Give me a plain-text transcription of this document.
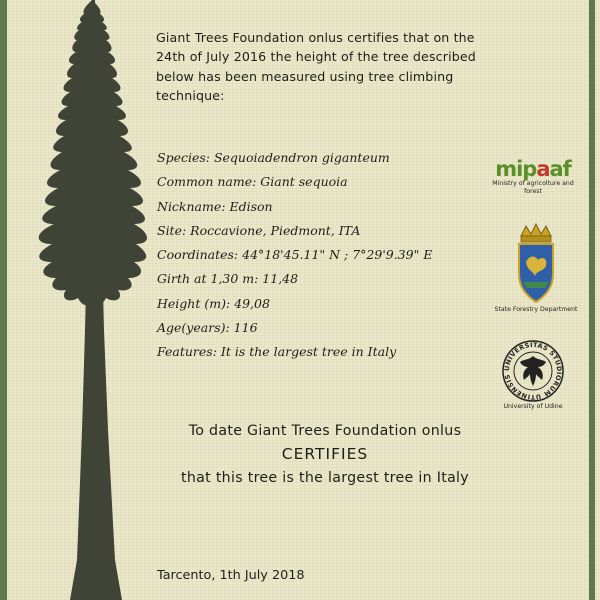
Giant Trees Foundation onlus certifies that on the 24th of July 2016 the height of the tree described below has been measured using tree climbing technique:

Species: Sequoiadendron giganteum
Common name: Giant sequoia
Nickname: Edison
Site: Roccavione, Piedmont, ITA
Coordinates: 44°18'45.11" N ; 7°29'9.39" E
Girth at 1,30 m: 11,48
Height (m): 49,08
Age(years): 116
Features: It is the largest tree in Italy
To date Giant Trees Foundation onlus
CERTIFIES
that this tree is the largest tree in Italy
Tarcento, 1th July 2018
mipaaf
Ministry of agricolture and forest
State Forestry Department
UNIVERSITAS STUDIORUM UTINENSIS
University of Udine
